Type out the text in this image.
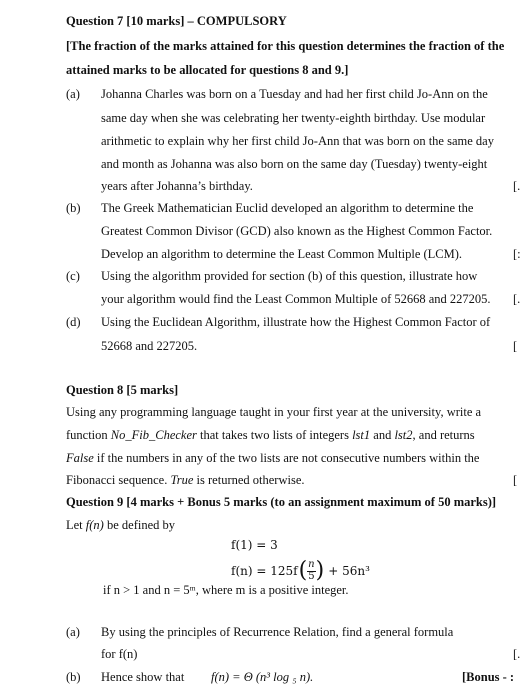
Question 7 [10 marks] – COMPULSORY
[The fraction of the marks attained for this question determines the fraction of the
attained marks to be allocated for questions 8 and 9.]
(a) Johanna Charles was born on a Tuesday and had her first child Jo-Ann on the
same day when she was celebrating her twenty-eighth birthday. Use modular
arithmetic to explain why her first child Jo-Ann that was born on the same day
and month as Johanna was also born on the same day (Tuesday) twenty-eight
years after Johanna’s birthday.	[.
(b) The Greek Mathematician Euclid developed an algorithm to determine the
Greatest Common Divisor (GCD) also known as the Highest Common Factor.
Develop an algorithm to determine the Least Common Multiple (LCM).	[:
(c) Using the algorithm provided for section (b) of this question, illustrate how
your algorithm would find the Least Common Multiple of 52668 and 227205. [.
(d) Using the Euclidean Algorithm, illustrate how the Highest Common Factor of
52668 and 227205.	[
Question 8 [5 marks]
Using any programming language taught in your first year at the university, write a
function No_Fib_Checker that takes two lists of integers lst1 and lst2, and returns
False if the numbers in any of the two lists are not consecutive numbers within the
Fibonacci sequence. True is returned otherwise.	[
Question 9 [4 marks + Bonus 5 marks (to an assignment maximum of 50 marks)]
Let f(n) be defined by
f(1) = 3
f(n) = 125f ( $\frac{n}{5}$ ) + 56n³
if n > 1 and n = 5ᵐ, where m is a positive integer.
(a) By using the principles of Recurrence Relation, find a general formula
for f(n)	[.
(b) Hence show that f(n) = Θ (n³ log ₅ n).	[Bonus - :
